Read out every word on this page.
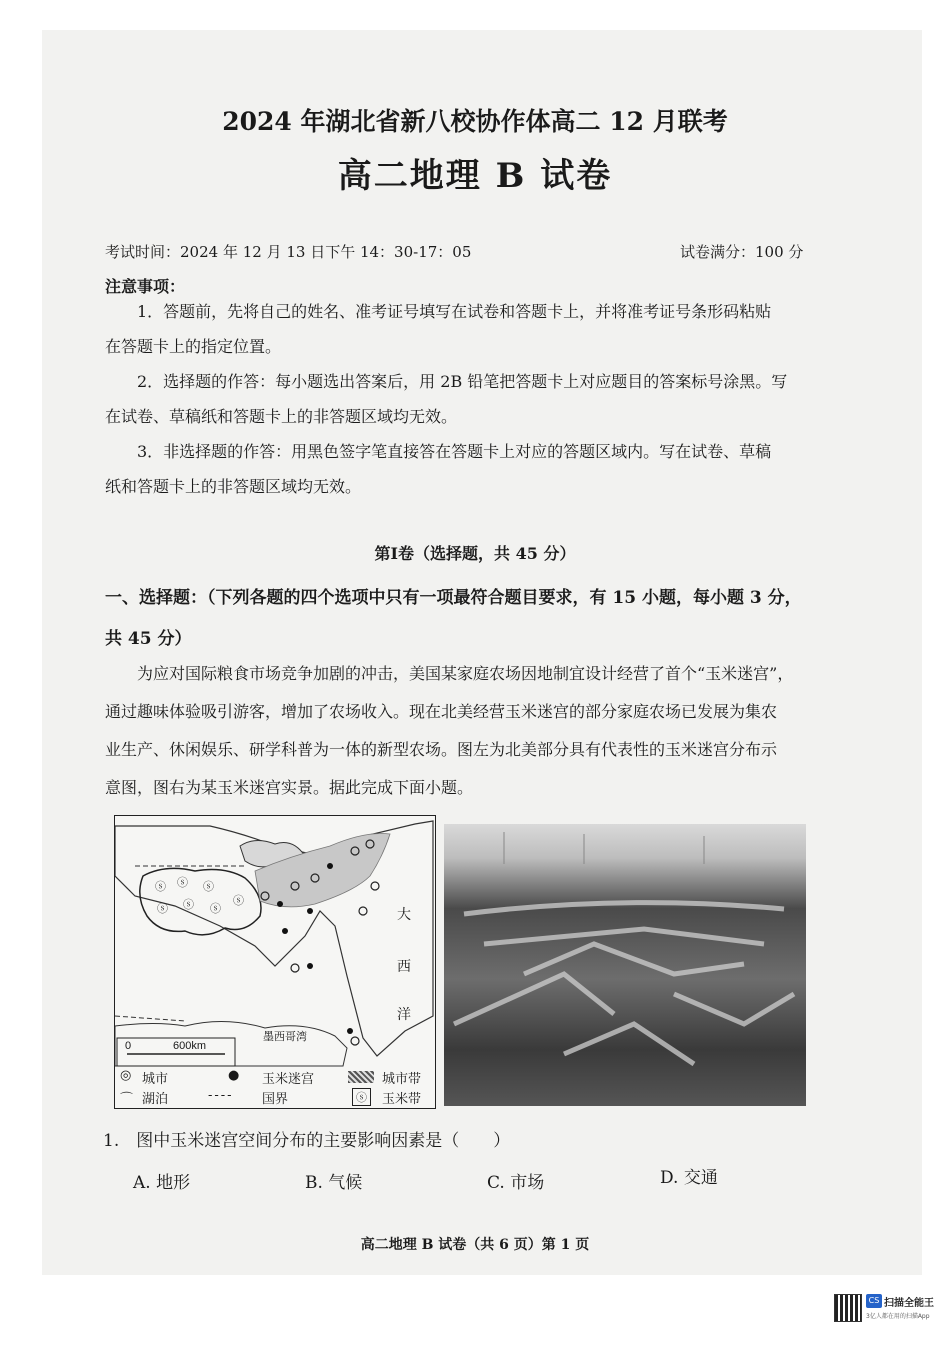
2024 年湖北省新八校协作体高二 12 月联考
高二地理 B 试卷
考试时间：2024 年 12 月 13 日下午 14：30-17：05	试卷满分：100 分
注意事项：
1．答题前，先将自己的姓名、准考证号填写在试卷和答题卡上，并将准考证号条形码粘贴
在答题卡上的指定位置。
2．选择题的作答：每小题选出答案后，用 2B 铅笔把答题卡上对应题目的答案标号涂黑。写
在试卷、草稿纸和答题卡上的非答题区域均无效。
3．非选择题的作答：用黑色签字笔直接答在答题卡上对应的答题区域内。写在试卷、草稿
纸和答题卡上的非答题区域均无效。
第Ⅰ卷（选择题，共 45 分）
一、选择题：（下列各题的四个选项中只有一项最符合题目要求，有 15 小题，每小题 3 分，
共 45 分）
为应对国际粮食市场竞争加剧的冲击，美国某家庭农场因地制宜设计经营了首个“玉米迷宫”，
通过趣味体验吸引游客，增加了农场收入。现在北美经营玉米迷宫的部分家庭农场已发展为集农
业生产、休闲娱乐、研学科普为一体的新型农场。图左为北美部分具有代表性的玉米迷宫分布示
意图，图右为某玉米迷宫实景。据此完成下面小题。
ⓢ ⓢ ⓢ
ⓢ ⓢ ⓢ
ⓢ
大
西
洋
墨西哥湾
0	600km
◎ 城市	● 玉米迷宫	城市带
⌒ 湖泊	---- 国界	ⓢ	玉米带
1.　图中玉米迷宫空间分布的主要影响因素是（　　）
A. 地形	B. 气候	C. 市场	D. 交通
高二地理 B 试卷（共 6 页）第 1 页
CS 扫描全能王
3亿人都在用的扫描App
